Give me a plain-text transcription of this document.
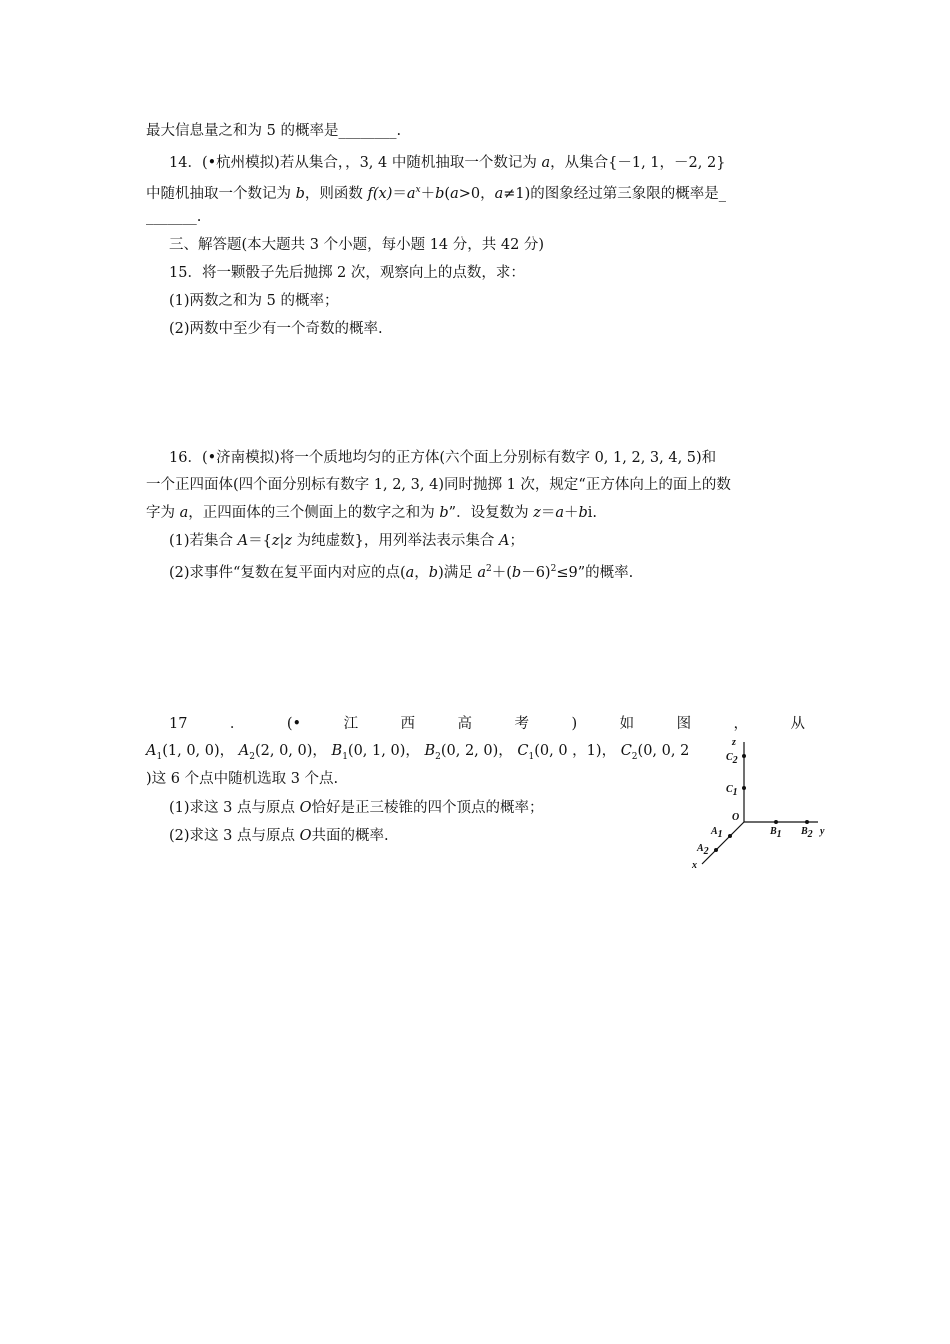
最大信息量之和为 5 的概率是________.
14．(•杭州模拟)若从集合，，3, 4 中随机抽取一个数记为 a，从集合{－1, 1，－2, 2}
中随机抽取一个数记为 b，则函数 $f(x)=a^x+b(a>0$，a≠1)的图象经过第三象限的概率是_
_______.
三、解答题(本大题共 3 个小题，每小题 14 分，共 42 分)
15．将一颗骰子先后抛掷 2 次，观察向上的点数，求：
(1)两数之和为 5 的概率；
(2)两数中至少有一个奇数的概率.
16．(•济南模拟)将一个质地均匀的正方体(六个面上分别标有数字 0, 1, 2, 3, 4, 5)和
一个正四面体(四个面分别标有数字 1, 2, 3, 4)同时抛掷 1 次，规定“正方体向上的面上的数
字为 a，正四面体的三个侧面上的数字之和为 b”．设复数为 z＝a＋bi.
(1)若集合 A＝{z|z 为纯虚数}，用列举法表示集合 A；
(2)求事件“复数在复平面内对应的点(a，b)满足 $a^2+(b-6)^2\le 9$”的概率.
17	．	(•	江	西	高	考	)	如	图	，	从
$A_1(1$, 0, 0)， $A_2(2$, 0, 0)， $B_1(0$, 1, 0)， $B_2(0$, 2, 0)， $C_1(0$, 0 ，1)， $C_2(0$, 0, 2
)这 6 个点中随机选取 3 个点.
(1)求这 3 点与原点 O恰好是正三棱锥的四个顶点的概率；
(2)求这 3 点与原点 O共面的概率.
z
C2
C1
O
B1 B2 y
A1
A2
x
